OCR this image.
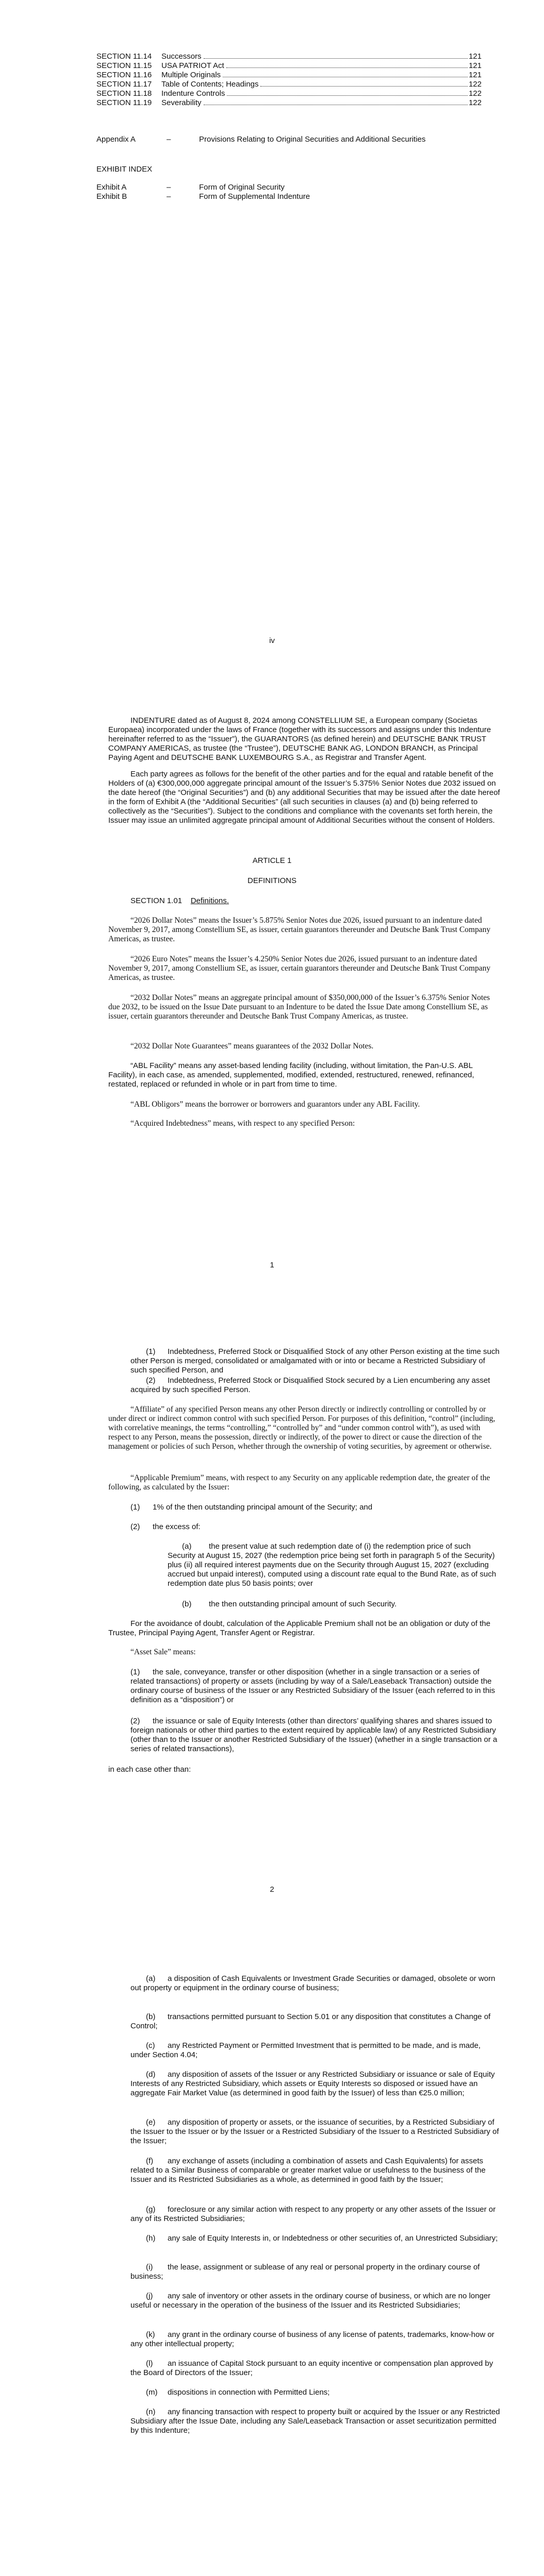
SECTION 11.14	Successors	121
SECTION 11.15	USA PATRIOT Act	121
SECTION 11.16	Multiple Originals	121
SECTION 11.17	Table of Contents; Headings	122
SECTION 11.18	Indenture Controls	122
SECTION 11.19	Severability	122
Appendix A	–	Provisions Relating to Original Securities and Additional Securities
EXHIBIT INDEX
Exhibit A	–	Form of Original Security
Exhibit B	–	Form of Supplemental Indenture
iv
INDENTURE dated as of August 8, 2024 among CONSTELLIUM SE, a European company (Societas Europaea) incorporated under the laws of France (together with its successors and assigns under this Indenture hereinafter referred to as the “Issuer”), the GUARANTORS (as defined herein) and DEUTSCHE BANK TRUST COMPANY AMERICAS, as trustee (the “Trustee”), DEUTSCHE BANK AG, LONDON BRANCH, as Principal Paying Agent and DEUTSCHE BANK LUXEMBOURG S.A., as Registrar and Transfer Agent.
Each party agrees as follows for the benefit of the other parties and for the equal and ratable benefit of the Holders of (a) €300,000,000 aggregate principal amount of the Issuer’s 5.375% Senior Notes due 2032 issued on the date hereof (the “Original Securities”) and (b) any additional Securities that may be issued after the date hereof in the form of Exhibit A (the “Additional Securities” (all such securities in clauses (a) and (b) being referred to collectively as the “Securities”). Subject to the conditions and compliance with the covenants set forth herein, the Issuer may issue an unlimited aggregate principal amount of Additional Securities without the consent of Holders.
ARTICLE 1
DEFINITIONS
SECTION 1.01 Definitions.
“2026 Dollar Notes” means the Issuer’s 5.875% Senior Notes due 2026, issued pursuant to an indenture dated November 9, 2017, among Constellium SE, as issuer, certain guarantors thereunder and Deutsche Bank Trust Company Americas, as trustee.
“2026 Euro Notes” means the Issuer’s 4.250% Senior Notes due 2026, issued pursuant to an indenture dated November 9, 2017, among Constellium SE, as issuer, certain guarantors thereunder and Deutsche Bank Trust Company Americas, as trustee.
“2032 Dollar Notes” means an aggregate principal amount of $350,000,000 of the Issuer’s 6.375% Senior Notes due 2032, to be issued on the Issue Date pursuant to an Indenture to be dated the Issue Date among Constellium SE, as issuer, certain guarantors thereunder and Deutsche Bank Trust Company Americas, as trustee.
“2032 Dollar Note Guarantees” means guarantees of the 2032 Dollar Notes.
“ABL Facility” means any asset-based lending facility (including, without limitation, the Pan-U.S. ABL Facility), in each case, as amended, supplemented, modified, extended, restructured, renewed, refinanced, restated, replaced or refunded in whole or in part from time to time.
“ABL Obligors” means the borrower or borrowers and guarantors under any ABL Facility.
“Acquired Indebtedness” means, with respect to any specified Person:
1
(1)	Indebtedness, Preferred Stock or Disqualified Stock of any other Person existing at the time such other Person is merged, consolidated or amalgamated with or into or became a Restricted Subsidiary of such specified Person, and
(2)	Indebtedness, Preferred Stock or Disqualified Stock secured by a Lien encumbering any asset acquired by such specified Person.
“Affiliate” of any specified Person means any other Person directly or indirectly controlling or controlled by or under direct or indirect common control with such specified Person. For purposes of this definition, “control” (including, with correlative meanings, the terms “controlling,” “controlled by” and “under common control with”), as used with respect to any Person, means the possession, directly or indirectly, of the power to direct or cause the direction of the management or policies of such Person, whether through the ownership of voting securities, by agreement or otherwise.
“Applicable Premium” means, with respect to any Security on any applicable redemption date, the greater of the following, as calculated by the Issuer:
(1) 1% of the then outstanding principal amount of the Security; and
(2) the excess of:
(a)	the present value at such redemption date of (i) the redemption price of such Security at August 15, 2027 (the redemption price being set forth in paragraph 5 of the Security) plus (ii) all required interest payments due on the Security through August 15, 2027 (excluding accrued but unpaid interest), computed using a discount rate equal to the Bund Rate, as of such redemption date plus 50 basis points; over
(b) the then outstanding principal amount of such Security.
For the avoidance of doubt, calculation of the Applicable Premium shall not be an obligation or duty of the Trustee, Principal Paying Agent, Transfer Agent or Registrar.
“Asset Sale” means:
(1)	the sale, conveyance, transfer or other disposition (whether in a single transaction or a series of related transactions) of property or assets (including by way of a Sale/Leaseback Transaction) outside the ordinary course of business of the Issuer or any Restricted Subsidiary of the Issuer (each referred to in this definition as a “disposition”) or
(2)	the issuance or sale of Equity Interests (other than directors’ qualifying shares and shares issued to foreign nationals or other third parties to the extent required by applicable law) of any Restricted Subsidiary (other than to the Issuer or another Restricted Subsidiary of the Issuer) (whether in a single transaction or a series of related transactions),
in each case other than:
2
(a)	a disposition of Cash Equivalents or Investment Grade Securities or damaged, obsolete or worn out property or equipment in the ordinary course of business;
(b)	transactions permitted pursuant to Section 5.01 or any disposition that constitutes a Change of Control;
(c)	any Restricted Payment or Permitted Investment that is permitted to be made, and is made, under Section 4.04;
(d)	any disposition of assets of the Issuer or any Restricted Subsidiary or issuance or sale of Equity Interests of any Restricted Subsidiary, which assets or Equity Interests so disposed or issued have an aggregate Fair Market Value (as determined in good faith by the Issuer) of less than €25.0 million;
(e)	any disposition of property or assets, or the issuance of securities, by a Restricted Subsidiary of the Issuer to the Issuer or by the Issuer or a Restricted Subsidiary of the Issuer to a Restricted Subsidiary of the Issuer;
(f)	any exchange of assets (including a combination of assets and Cash Equivalents) for assets related to a Similar Business of comparable or greater market value or usefulness to the business of the Issuer and its Restricted Subsidiaries as a whole, as determined in good faith by the Issuer;
(g)	foreclosure or any similar action with respect to any property or any other assets of the Issuer or any of its Restricted Subsidiaries;
(h)	any sale of Equity Interests in, or Indebtedness or other securities of, an Unrestricted Subsidiary;
(i)	the lease, assignment or sublease of any real or personal property in the ordinary course of business;
(j)	any sale of inventory or other assets in the ordinary course of business, or which are no longer useful or necessary in the operation of the business of the Issuer and its Restricted Subsidiaries;
(k)	any grant in the ordinary course of business of any license of patents, trademarks, know-how or any other intellectual property;
(l)	an issuance of Capital Stock pursuant to an equity incentive or compensation plan approved by the Board of Directors of the Issuer;
(m)	dispositions in connection with Permitted Liens;
(n)	any financing transaction with respect to property built or acquired by the Issuer or any Restricted Subsidiary after the Issue Date, including any Sale/Leaseback Transaction or asset securitization permitted by this Indenture;
